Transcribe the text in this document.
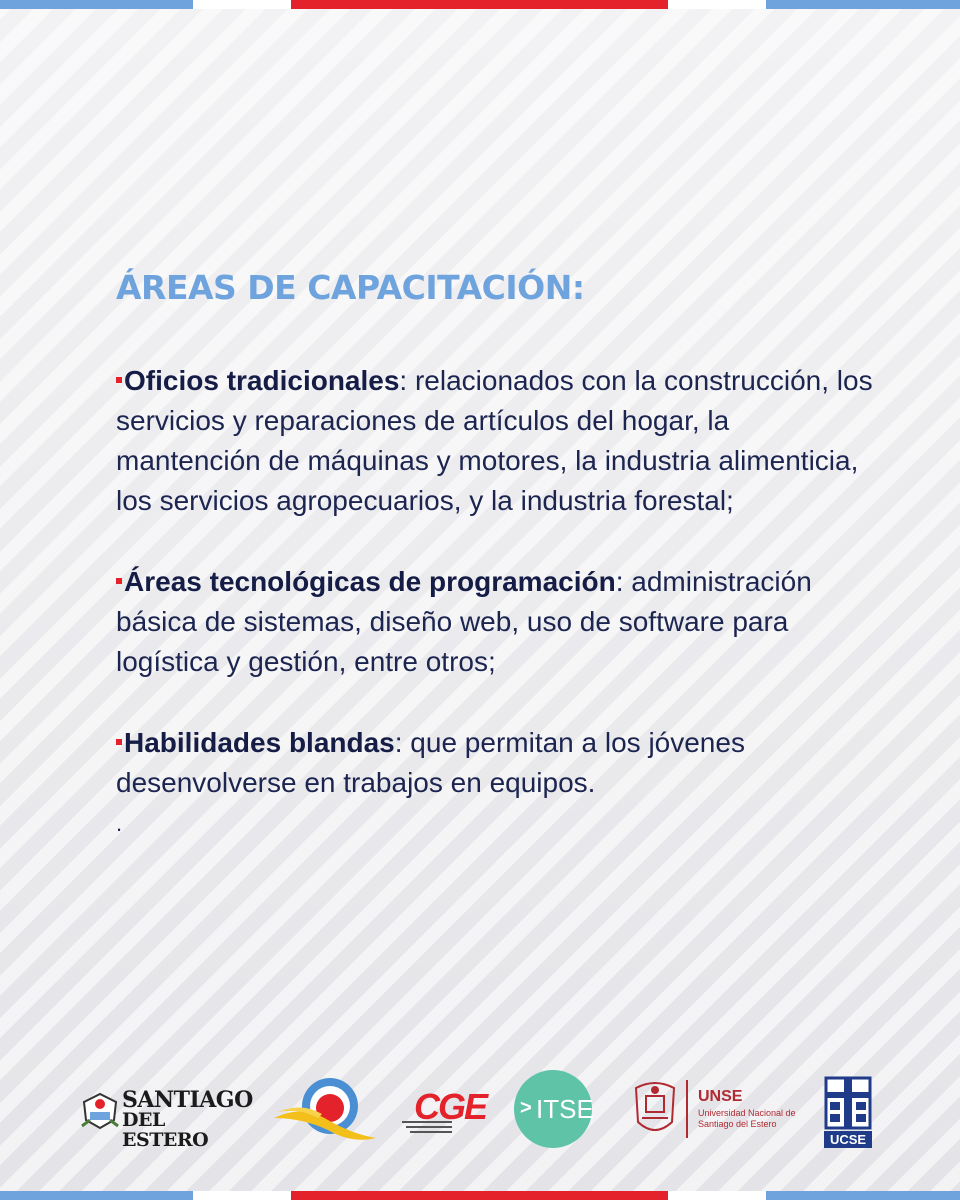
ÁREAS DE CAPACITACIÓN:

Oficios tradicionales: relacionados con la construcción, los servicios y reparaciones de artículos del hogar, la mantención de máquinas y motores, la industria alimenticia, los servicios agropecuarios, y la industria forestal;

Áreas tecnológicas de programación: administración básica de sistemas, diseño web, uso de software para logística y gestión, entre otros;

Habilidades blandas: que permitan a los jóvenes desenvolverse en trabajos en equipos.

.

SANTIAGO
DEL ESTERO
CGE > ITSE	UNSE
Universidad Nacional de Santiago del Estero
UCSE
